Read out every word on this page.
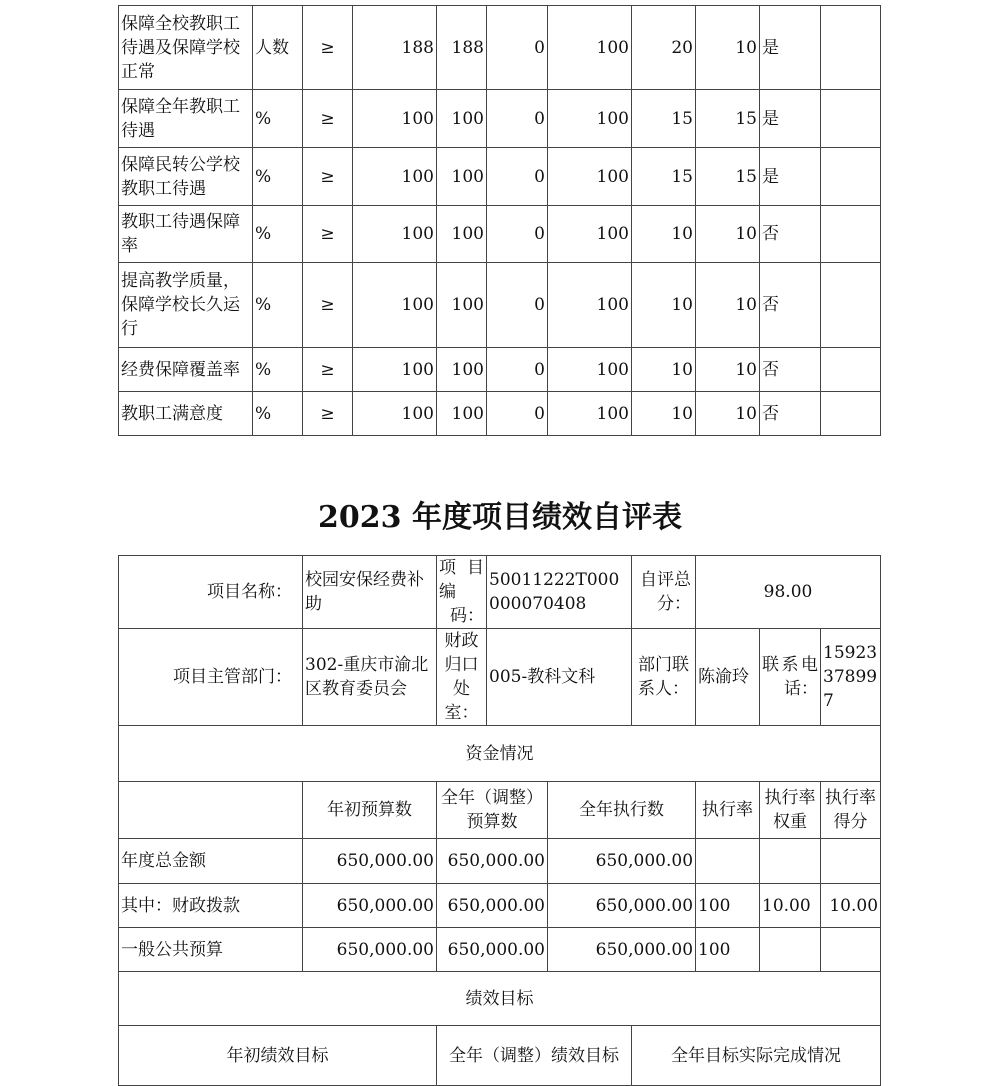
保障全校教职工待遇及保障学校正常	人数	≥	188	188	0	100	20	10	是	
保障全年教职工待遇	%	≥	100	100	0	100	15	15	是	
保障民转公学校教职工待遇	%	≥	100	100	0	100	15	15	是	
教职工待遇保障率	%	≥	100	100	0	100	10	10	否	
提高教学质量，保障学校长久运行	%	≥	100	100	0	100	10	10	否	
经费保障覆盖率	%	≥	100	100	0	100	10	10	否	
教职工满意度	%	≥	100	100	0	100	10	10	否	
2023 年度项目绩效自评表
项目名称：	校园安保经费补助	项目编码：	50011222T000000070408		自评总分：	98.00		
项目主管部门：	302-重庆市渝北区教育委员会	财政归口处室：	005-教科文科		部门联系人：	陈渝玲	联系电话：	15923378997
资金情况								
	年初预算数	全年（调整）预算数		全年执行数		执行率	执行率权重	执行率得分
年度总金额	650,000.00	650,000.00		650,000.00				
其中：财政拨款	650,000.00	650,000.00		650,000.00		100	10.00	10.00
一般公共预算	650,000.00	650,000.00		650,000.00		100		
绩效目标								
年初绩效目标		全年（调整）绩效目标			全年目标实际完成情况			
